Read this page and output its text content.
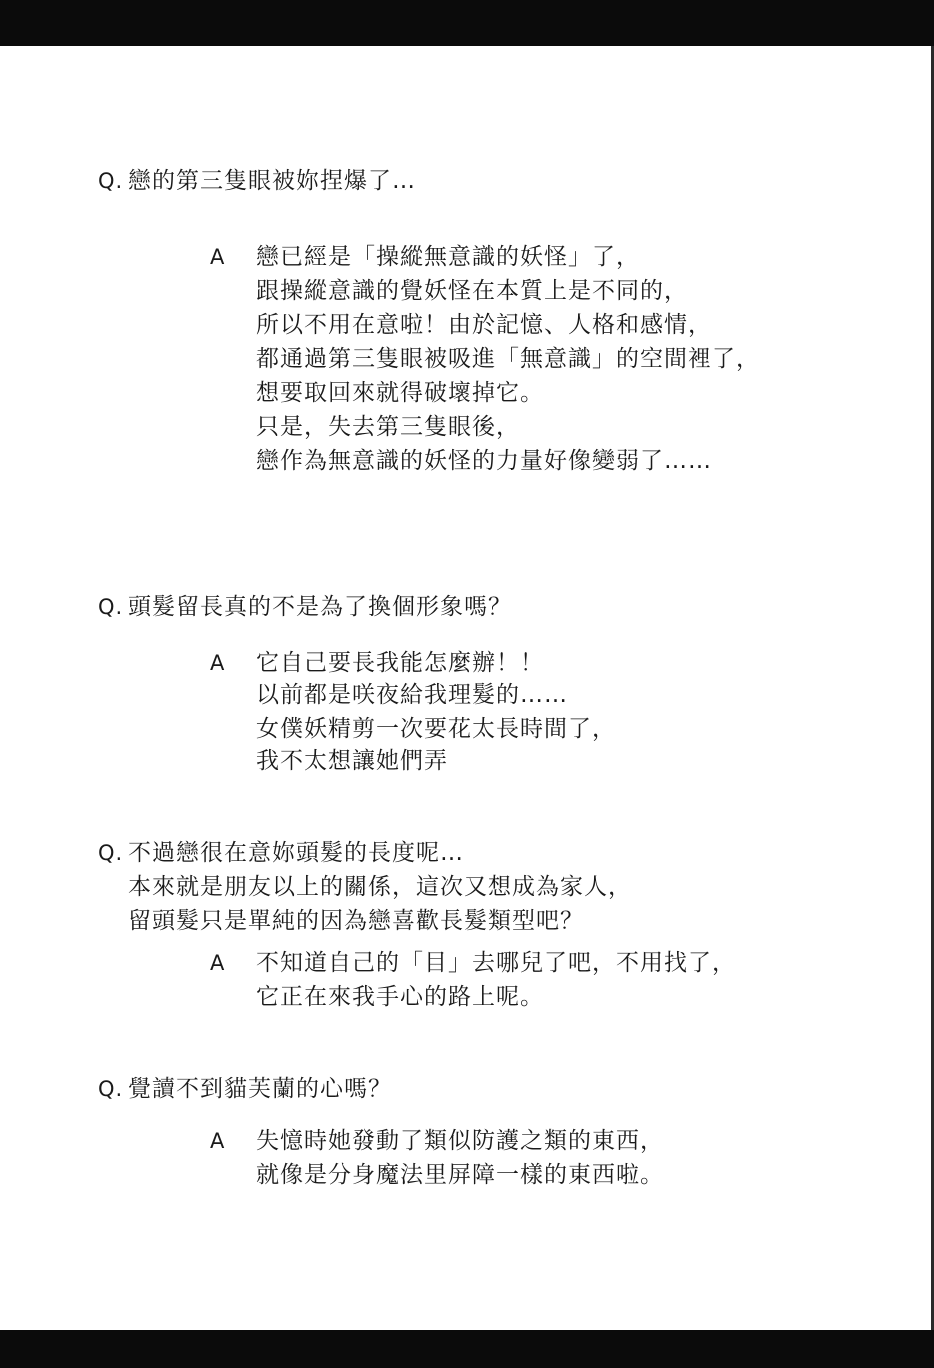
Q. 戀的第三隻眼被妳捏爆了…
A 戀已經是「操縱無意識的妖怪」了，
跟操縱意識的覺妖怪在本質上是不同的，
所以不用在意啦！由於記憶、人格和感情，
都通過第三隻眼被吸進「無意識」的空間裡了，
想要取回來就得破壞掉它。
只是，失去第三隻眼後，
戀作為無意識的妖怪的力量好像變弱了……
Q. 頭髮留長真的不是為了換個形象嗎？
A 它自己要長我能怎麼辦！！
以前都是咲夜給我理髮的……
女僕妖精剪一次要花太長時間了，
我不太想讓她們弄
Q. 不過戀很在意妳頭髮的長度呢…
本來就是朋友以上的關係，這次又想成為家人，
留頭髮只是單純的因為戀喜歡長髮類型吧？
A 不知道自己的「目」去哪兒了吧，不用找了，
它正在來我手心的路上呢。
Q. 覺讀不到貓芙蘭的心嗎？
A 失憶時她發動了類似防護之類的東西，
就像是分身魔法里屏障一樣的東西啦。
